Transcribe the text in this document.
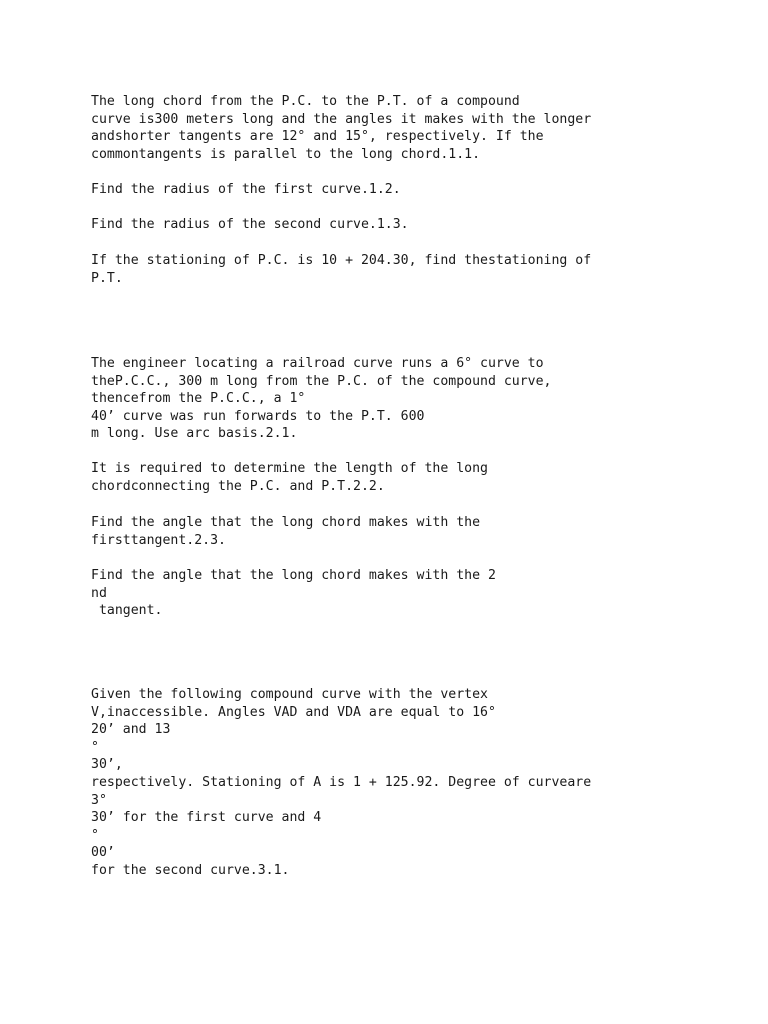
The long chord from the P.C. to the P.T. of a compound
curve is300 meters long and the angles it makes with the longer
andshorter tangents are 12° and 15°, respectively. If the
commontangents is parallel to the long chord.1.1.

Find the radius of the first curve.1.2.

Find the radius of the second curve.1.3.

If the stationing of P.C. is 10 + 204.30, find thestationing of
P.T.

The engineer locating a railroad curve runs a 6° curve to
theP.C.C., 300 m long from the P.C. of the compound curve,
thencefrom the P.C.C., a 1°
40’ curve was run forwards to the P.T. 600
m long. Use arc basis.2.1.

It is required to determine the length of the long
chordconnecting the P.C. and P.T.2.2.

Find the angle that the long chord makes with the
firsttangent.2.3.

Find the angle that the long chord makes with the 2
nd
tangent.

Given the following compound curve with the vertex
V,inaccessible. Angles VAD and VDA are equal to 16°
20’ and 13
°
30’,
respectively. Stationing of A is 1 + 125.92. Degree of curveare
3°
30’ for the first curve and 4
°
00’
for the second curve.3.1.
